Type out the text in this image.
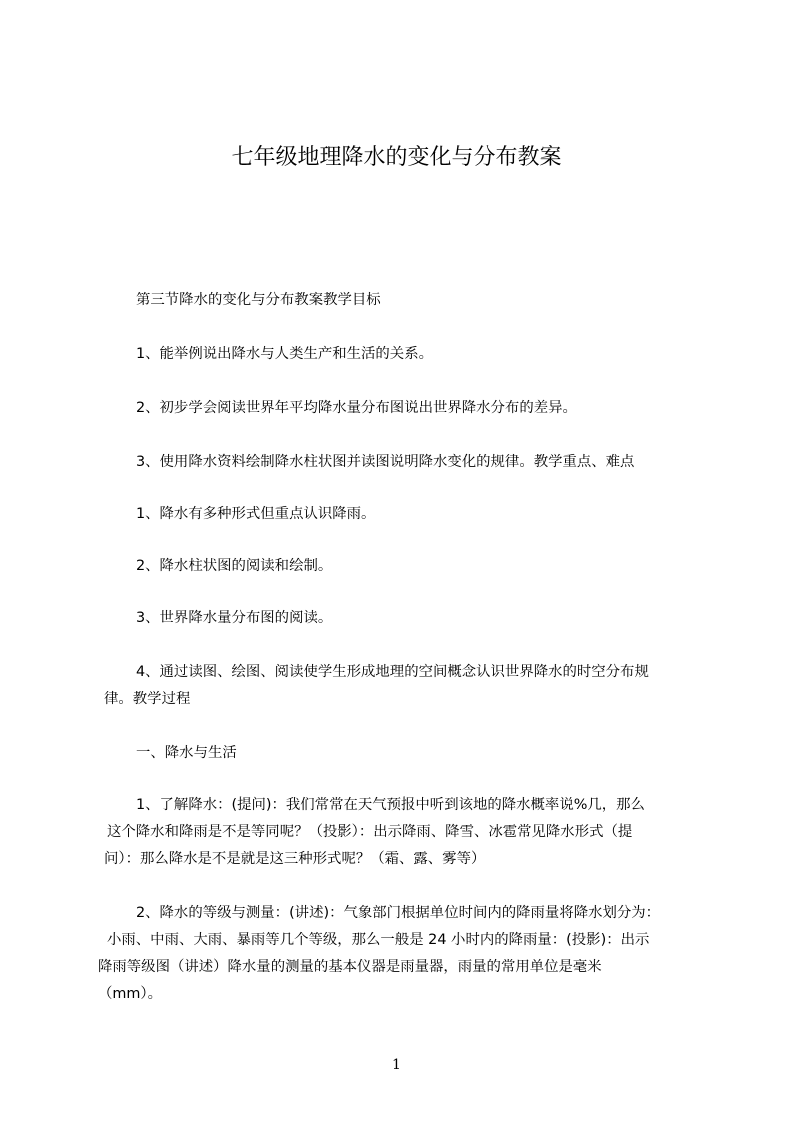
七年级地理降水的变化与分布教案
第三节降水的变化与分布教案教学目标
1、能举例说出降水与人类生产和生活的关系。
2、初步学会阅读世界年平均降水量分布图说出世界降水分布的差异。
3、使用降水资料绘制降水柱状图并读图说明降水变化的规律。教学重点、难点
1、降水有多种形式但重点认识降雨。
2、降水柱状图的阅读和绘制。
3、世界降水量分布图的阅读。
4、通过读图、绘图、阅读使学生形成地理的空间概念认识世界降水的时空分布规
律。教学过程
一、降水与生活
1、了解降水：(提问)：我们常常在天气预报中听到该地的降水概率说%几，那么
这个降水和降雨是不是等同呢？（投影）：出示降雨、降雪、冰雹常见降水形式（提
问）：那么降水是不是就是这三种形式呢？（霜、露、雾等）
2、降水的等级与测量：(讲述)：气象部门根据单位时间内的降雨量将降水划分为：
小雨、中雨、大雨、暴雨等几个等级，那么一般是 24 小时内的降雨量：(投影)：出示
降雨等级图（讲述）降水量的测量的基本仪器是雨量器，雨量的常用单位是毫米
（mm）。
1
